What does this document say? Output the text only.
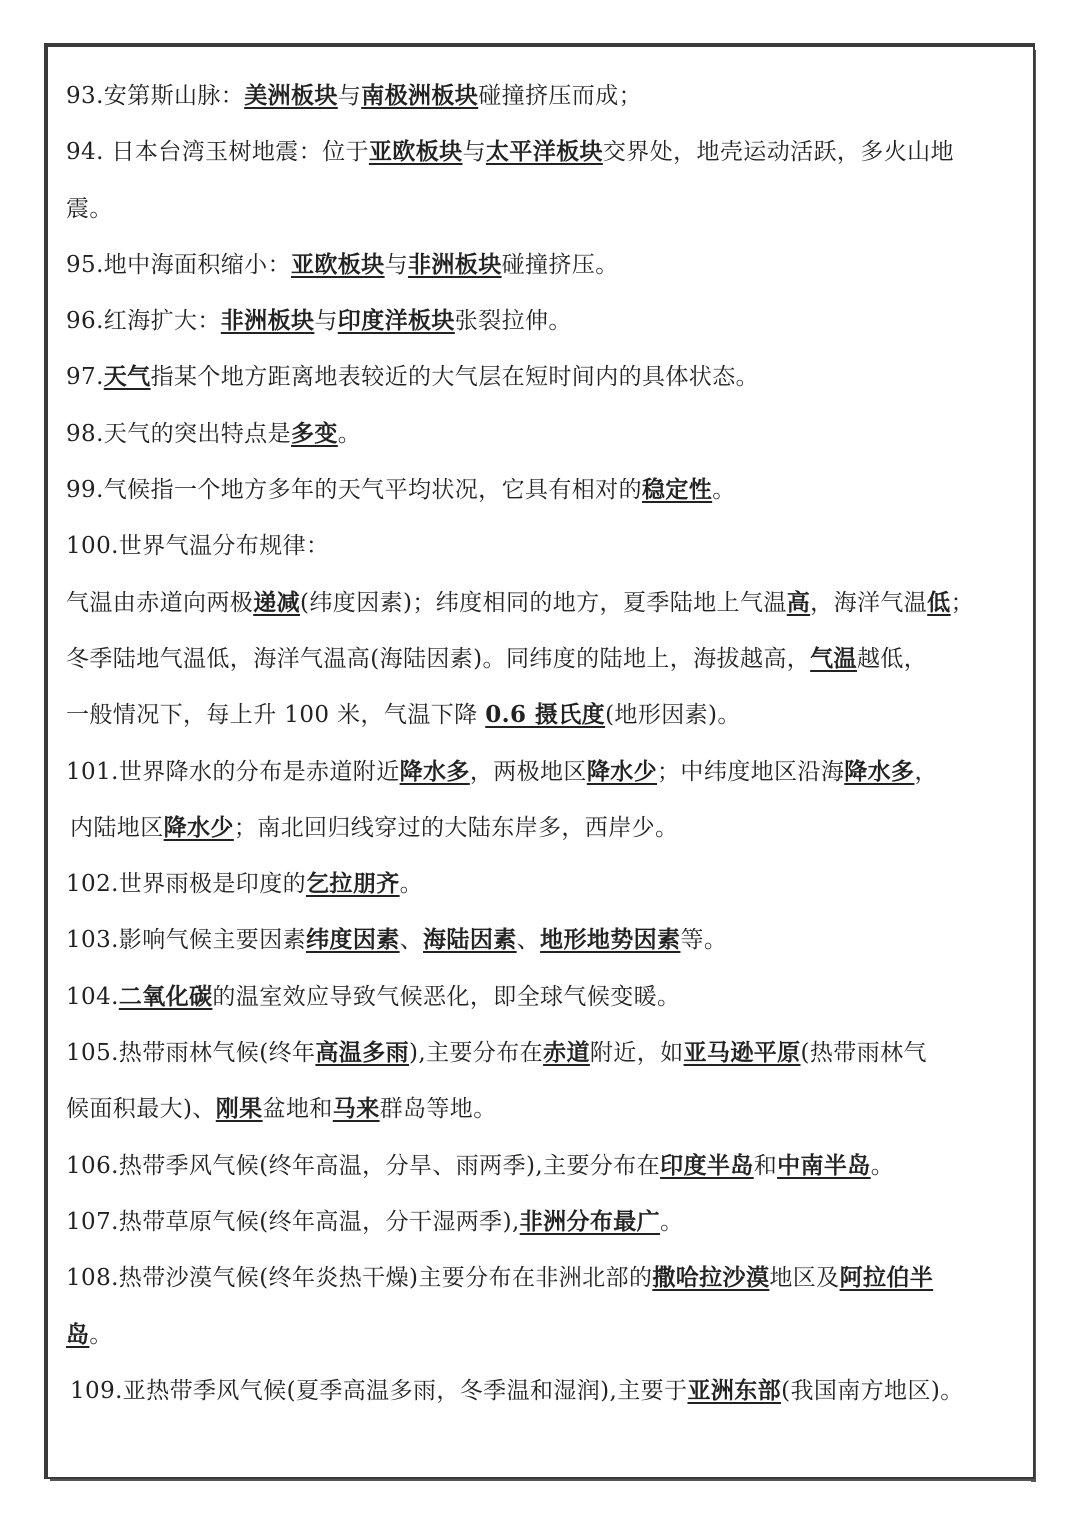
93.安第斯山脉：美洲板块与南极洲板块碰撞挤压而成；
94. 日本台湾玉树地震：位于亚欧板块与太平洋板块交界处，地壳运动活跃，多火山地
震。
95.地中海面积缩小：亚欧板块与非洲板块碰撞挤压。
96.红海扩大：非洲板块与印度洋板块张裂拉伸。
97.天气指某个地方距离地表较近的大气层在短时间内的具体状态。
98.天气的突出特点是多变。
99.气候指一个地方多年的天气平均状况，它具有相对的稳定性。
100.世界气温分布规律：
气温由赤道向两极递减(纬度因素)；纬度相同的地方，夏季陆地上气温高，海洋气温低；
冬季陆地气温低，海洋气温高(海陆因素)。同纬度的陆地上，海拔越高，气温越低，
一般情况下，每上升 100 米，气温下降 0.6 摄氏度(地形因素)。
101.世界降水的分布是赤道附近降水多，两极地区降水少；中纬度地区沿海降水多，
内陆地区降水少；南北回归线穿过的大陆东岸多，西岸少。
102.世界雨极是印度的乞拉朋齐。
103.影响气候主要因素纬度因素、海陆因素、地形地势因素等。
104.二氧化碳的温室效应导致气候恶化，即全球气候变暖。
105.热带雨林气候(终年高温多雨),主要分布在赤道附近，如亚马逊平原(热带雨林气
候面积最大)、刚果盆地和马来群岛等地。
106.热带季风气候(终年高温，分旱、雨两季),主要分布在印度半岛和中南半岛。
107.热带草原气候(终年高温，分干湿两季),非洲分布最广。
108.热带沙漠气候(终年炎热干燥)主要分布在非洲北部的撒哈拉沙漠地区及阿拉伯半
岛。
109.亚热带季风气候(夏季高温多雨，冬季温和湿润),主要于亚洲东部(我国南方地区)。
